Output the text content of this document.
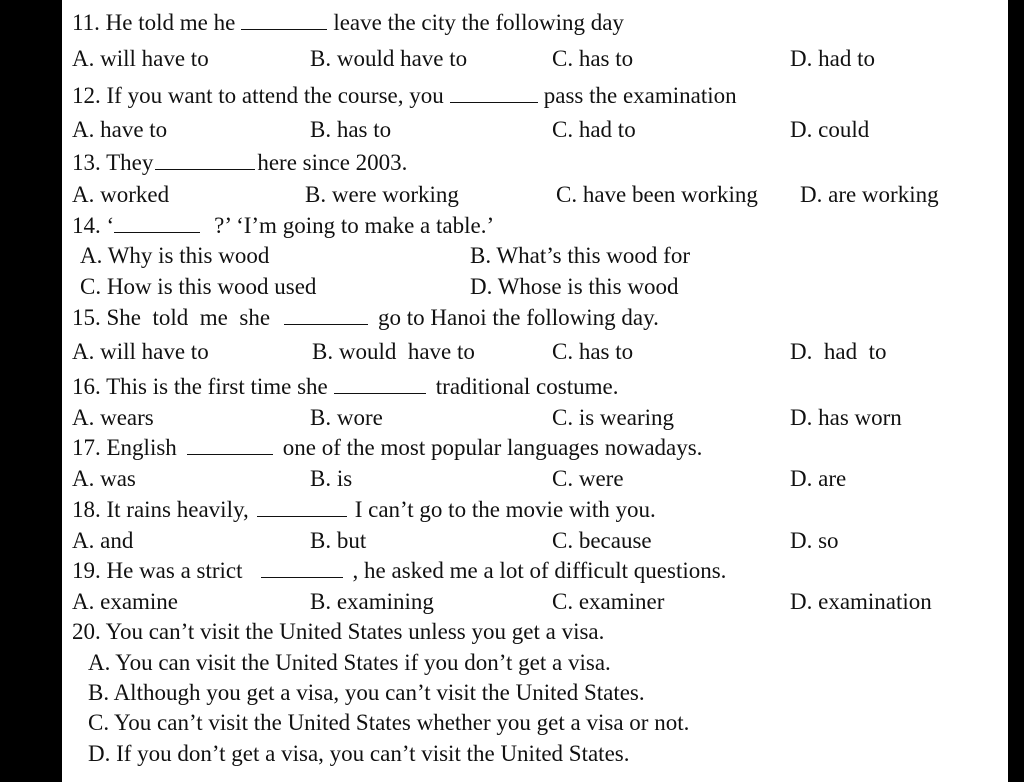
11. He told me he	leave the city the following day
A. will have to	B. would have to	C. has to	D. had to
12. If you want to attend the course, you	pass the examination
A. have to	B. has to	C. had to	D. could
13. They	here since 2003.
A. worked	B. were working	C. have been working D. are working
14. ‘	?’ ‘I’m going to make a table.’
A. Why is this wood	B. What’s this wood for
C. How is this wood used	D. Whose is this wood
15. She  told  me  she	go to Hanoi the following day.
A. will have to	B. would  have to	C. has to	D.  had  to
16. This is the first time she	traditional costume.
A. wears	B. wore	C. is wearing	D. has worn
17. English	one of the most popular languages nowadays.
A. was	B. is	C. were	D. are
18. It rains heavily,	I can’t go to the movie with you.
A. and	B. but	C. because	D. so
19. He was a strict	, he asked me a lot of difficult questions.
A. examine	B. examining	C. examiner	D. examination
20. You can’t visit the United States unless you get a visa.
A. You can visit the United States if you don’t get a visa.
B. Although you get a visa, you can’t visit the United States.
C. You can’t visit the United States whether you get a visa or not.
D. If you don’t get a visa, you can’t visit the United States.
